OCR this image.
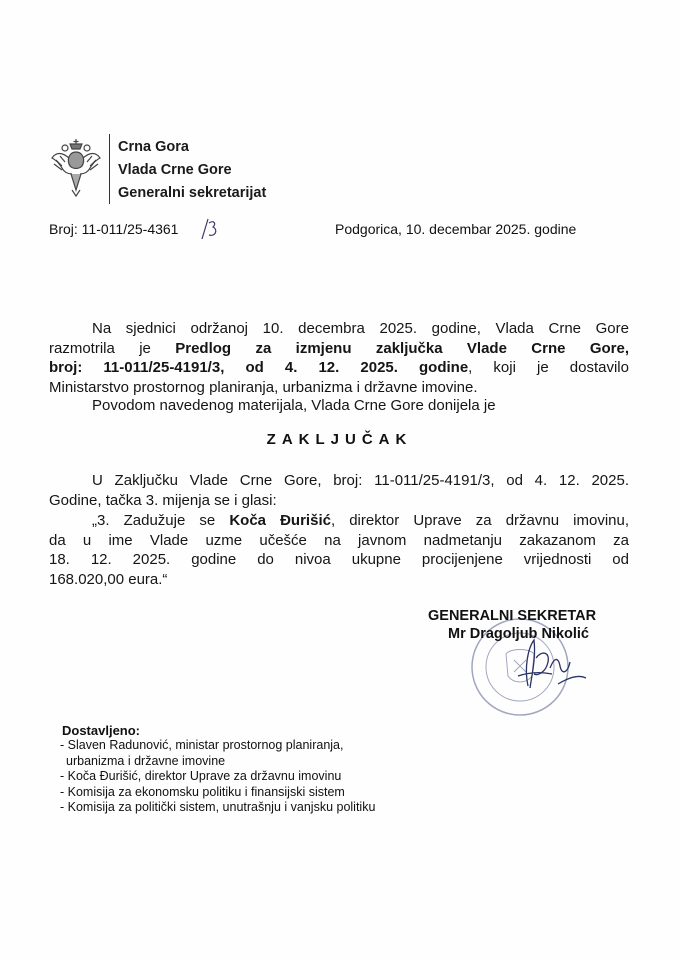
Crna Gora
Vlada Crne Gore
Generalni sekretarijat
Broj: 11-011/25-4361	Podgorica, 10. decembar 2025. godine
Na sjednici održanoj 10. decembra 2025. godine, Vlada Crne Gore
razmotrila je Predlog za izmjenu zaključka Vlade Crne Gore,
broj: 11-011/25-4191/3, od 4. 12. 2025. godine, koji je dostavilo
Ministarstvo prostornog planiranja, urbanizma i državne imovine.
Povodom navedenog materijala, Vlada Crne Gore donijela je
ZAKLJUČAK
U Zaključku Vlade Crne Gore, broj: 11-011/25-4191/3, od 4. 12. 2025.
Godine, tačka 3. mijenja se i glasi:
„3. Zadužuje se Koča Đurišić, direktor Uprave za državnu imovinu,
da u ime Vlade uzme učešće na javnom nadmetanju zakazanom za
18. 12. 2025. godine do nivoa ukupne procijenjene vrijednosti od
168.020,00 eura.“
GENERALNI SEKRETAR
Mr Dragoljub Nikolić
Dostavljeno:
- Slaven Radunović, ministar prostornog planiranja,
urbanizma i državne imovine
- Koča Đurišić, direktor Uprave za državnu imovinu
- Komisija za ekonomsku politiku i finansijski sistem
- Komisija za politički sistem, unutrašnju i vanjsku politiku
